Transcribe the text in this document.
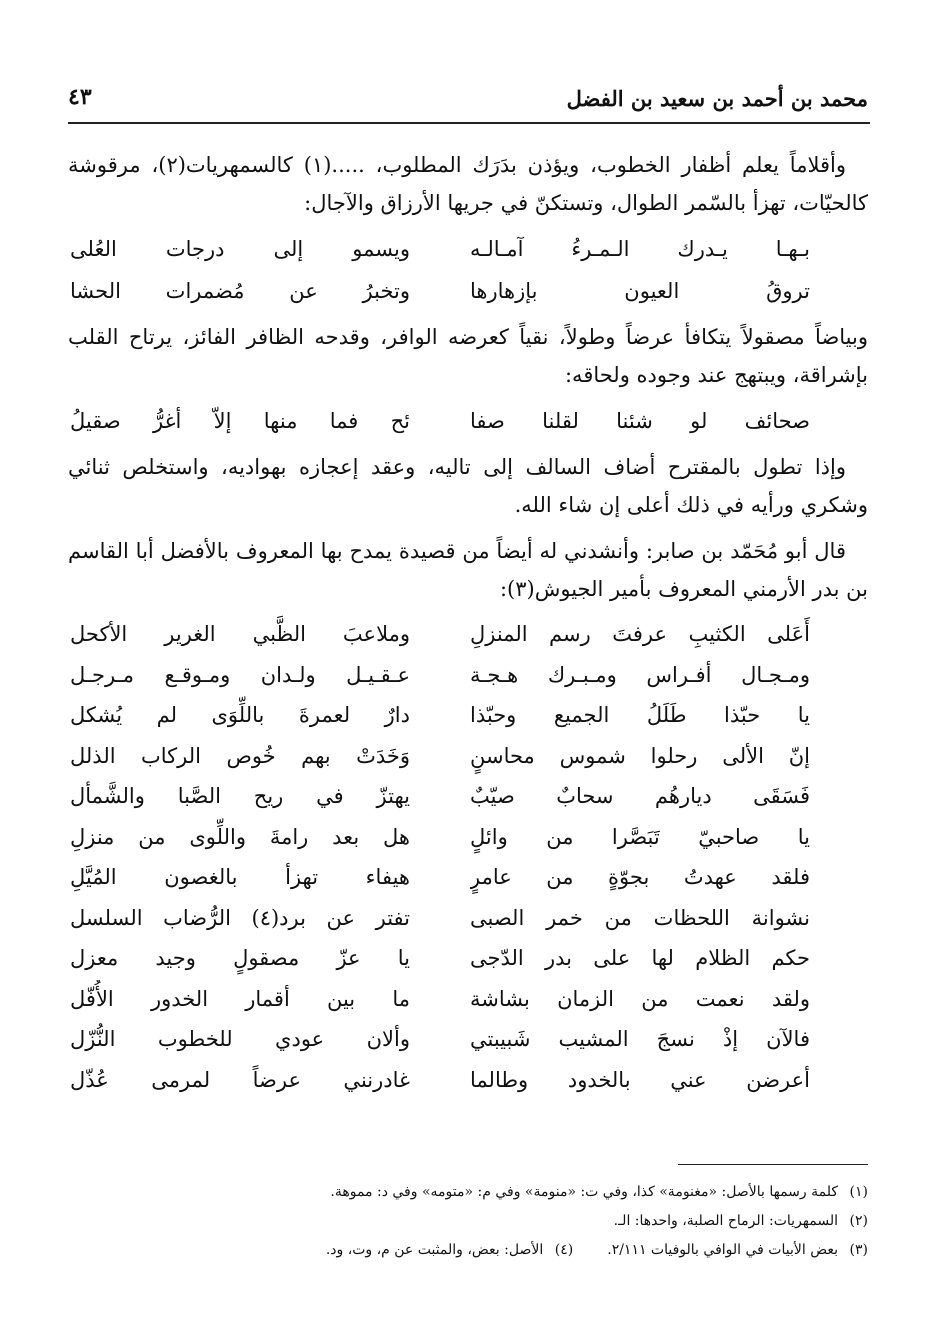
محمد بن أحمد بن سعيد بن الفضل
٤٣

وأقلاماً يعلم أظفار الخطوب، ويؤذن بدَرَك المطلوب، .....(١) كالسمهريات(٢)، مرقوشة كالحيّات، تهزأ بالسّمر الطوال، وتستكنّ في جريها الأرزاق والآجال:

بـهـا يـدرك الـمـرءُ آمـالـه
ويسمو إلى درجات العُلى
تروقُ العيون بإزهارها
وتخبرُ عن مُضمرات الحشا

وبياضاً مصقولاً يتكافأ عرضاً وطولاً، نقياً كعرضه الوافر، وقدحه الظافر الفائز، يرتاح القلب بإشراقة، ويبتهج عند وجوده ولحاقه:

صحائف لو شئنا لقلنا صفا
ئح فما منها إلاّ أغرُّ صقيلُ

وإذا تطول بالمقترح أضاف السالف إلى تاليه، وعقد إعجازه بهواديه، واستخلص ثنائي وشكري ورأيه في ذلك أعلى إن شاء الله.

قال أبو مُحَمّد بن صابر: وأنشدني له أيضاً من قصيدة يمدح بها المعروف بالأفضل أبا القاسم بن بدر الأرمني المعروف بأمير الجيوش(٣):

أَعَلى الكثيبِ عرفتَ رسم المنزلِ
وملاعبَ الظَّبي الغرير الأكحل
ومـجـال أفـراس ومـبـرك هـجـة
عـقـيـل ولـدان ومـوقـع مـرجـل
يا حبّذا طَلَلُ الجميع وحبّذا
دارٌ لعمرةَ باللِّوَى لم يُشكل
إنّ الألى رحلوا شموس محاسنٍ
وَخَدَتْ بهم خُوص الركاب الذلل
فَسَقَى ديارهُم سحابٌ صيّبٌ
يهتزّ في ريح الصَّبا والشَّمأل
يا صاحبيّ تَبَصَّرا من وائلٍ
هل بعد رامةَ واللِّوى من منزلِ
فلقد عهدتُ بجوّةٍ من عامرٍ
هيفاء تهزأ بالغصون المُيَّلِ
نشوانة اللحظات من خمر الصبى
تفتر عن برد(٤) الرُّضاب السلسل
حكم الظلام لها على بدر الدّجى
يا عزّ مصقولٍ وجيد معزل
ولقد نعمت من الزمان بشاشة
ما بين أقمار الخدور الأُفّل
فالآن إذْ نسجَ المشيب شَبيبتي
وألان عودي للخطوب النُّزّل
أعرضن عني بالخدود وطالما
غادرنني عرضاً لمرمى عُذّل
(١)
كلمة رسمها بالأصل: «مغنومة» كذا، وفي ت: «منومة» وفي م: «متومه» وفي د: مموهة.
(٢)
السمهريات: الرماح الصلبة، واحدها: الـ.
(٣)
بعض الأبيات في الوافي بالوفيات ٢/١١١.
(٤)
الأصل: بعض، والمثبت عن م، وت، ود.
